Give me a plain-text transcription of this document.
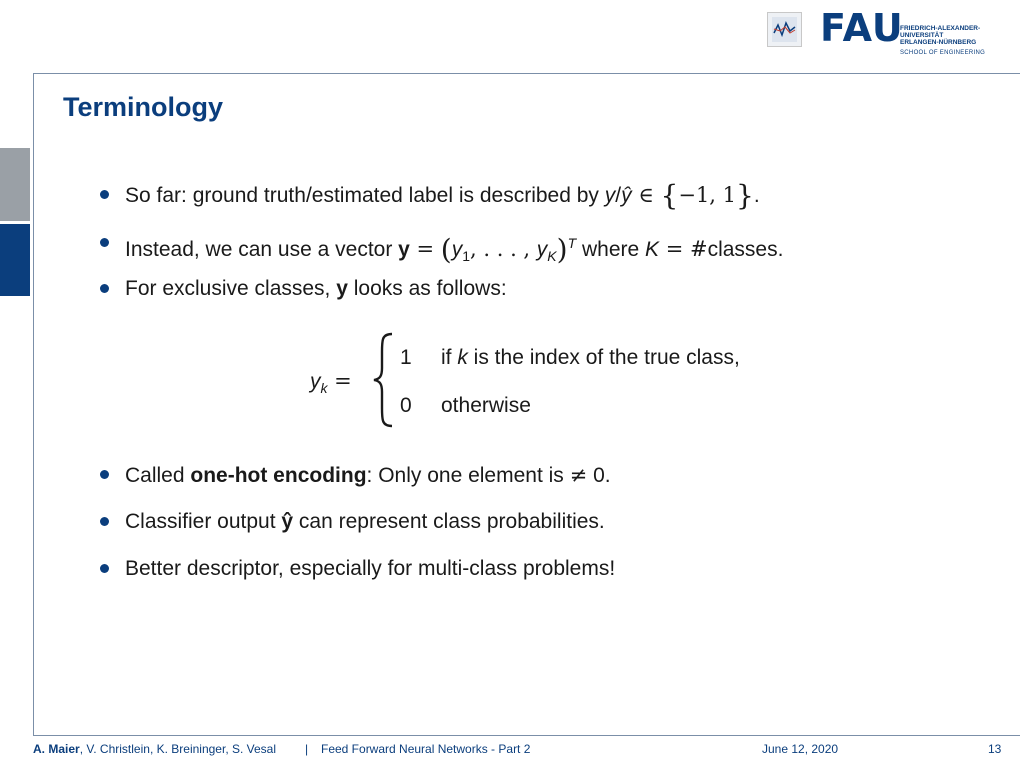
FAU
FRIEDRICH-ALEXANDER-
UNIVERSITÄT
ERLANGEN-NÜRNBERG
SCHOOL OF ENGINEERING
Terminology
So far: ground truth/estimated label is described by y/ŷ ∈ {−1, 1}.
Instead, we can use a vector $y = (y_1$, . . . , $y_K)^T$ where K = #classes.
For exclusive classes, y looks as follows:
$y_k$ =
1 if k is the index of the true class,
0 otherwise
Called one-hot encoding: Only one element is ≠ 0.
Classifier output ŷ can represent class probabilities.
Better descriptor, especially for multi-class problems!
A. Maier, V. Christlein, K. Breininger, S. Vesal | Feed Forward Neural Networks - Part 2	June 12, 2020	13
